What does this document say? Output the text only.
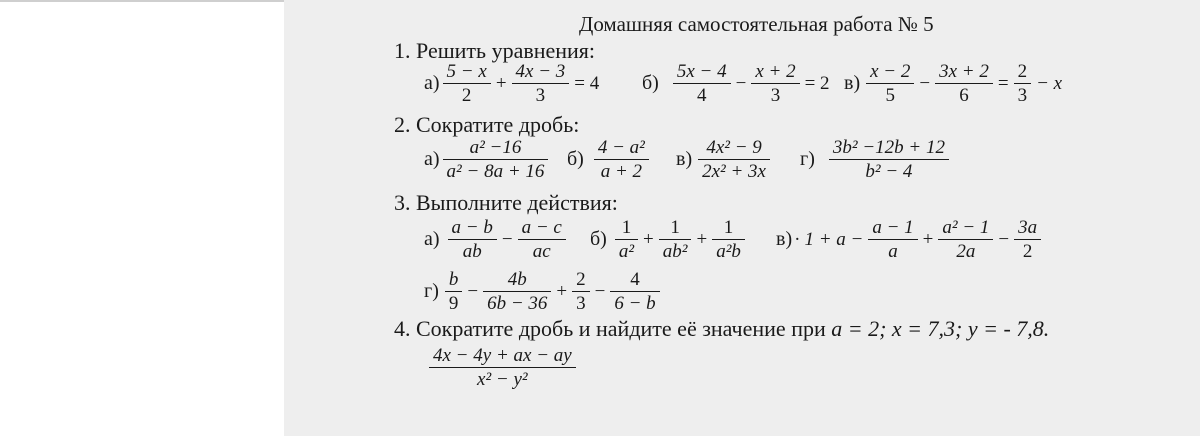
Домашняя самостоятельная работа № 5
1. Решить уравнения:
$а) \frac{5 - x}{2} + \frac{4x - 3}{3} = 4$ $б) \frac{5x - 4}{4} - \frac{x + 2}{3} = 2$ $в) \frac{x - 2}{5} - \frac{3x + 2}{6} = \frac{2}{3} - x$
2. Сократите дробь:
$а) \frac{\text{a² −16}}{\text{a² − 8a + 16}} б) \frac{\text{4 − a²}}{a + 2} в) \frac{\text{4x² − 9}}{\text{2x² + 3x}} г) \frac{\text{3b² −12b + 12}}{\text{b² − 4}}$
3. Выполните действия:
$а) \frac{a - b}{ab} - \frac{a - c}{ac} б) \frac{1}{\text{a²}} + \frac{1}{\text{ab²}} + \frac{1}{\text{a²b}} в) \cdot 1 + a - \frac{a - 1}{a} + \frac{\text{a² − 1}}{2a} - \frac{3a}{2}$
$г) \frac{b}{9} - \frac{4b}{6b - 36} + \frac{2}{3} - \frac{4}{6 - b}$
4. Сократите дробь и найдите её значение при a = 2; x = 7,3; y = - 7,8.
$\frac{4x - 4y + ax - ay}{\text{x² − y²}}$
